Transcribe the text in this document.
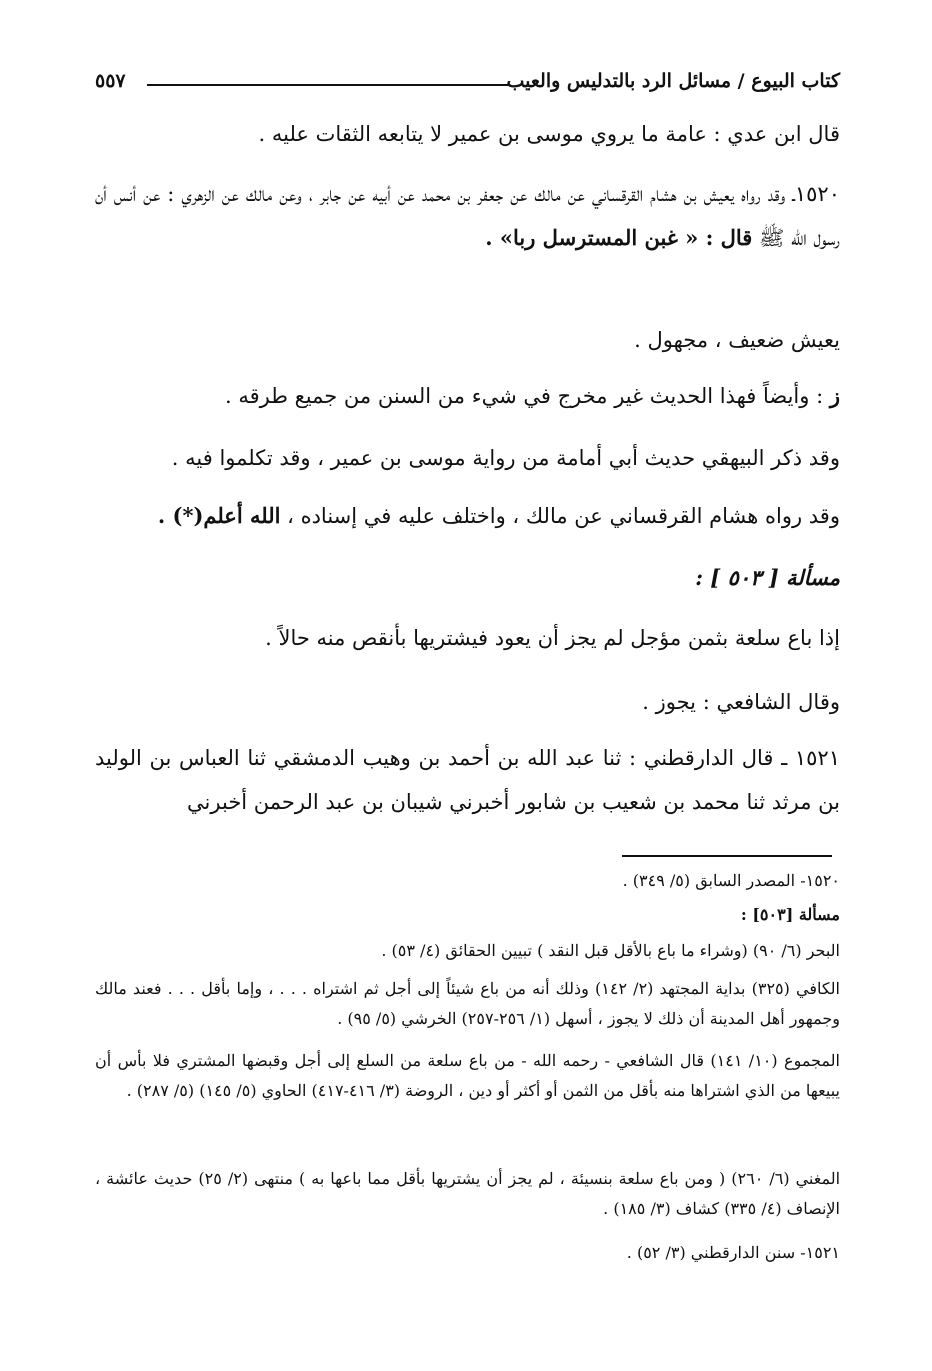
كتاب البيوع / مسائل الرد بالتدليس والعيب
٥٥٧
قال ابن عدي : عامة ما يروي موسى بن عمير لا يتابعه الثقات عليه .
١٥٢٠ـ وقد رواه يعيش بن هشام القرقساني عن مالك عن جعفر بن محمد عن أبيه عن جابر ، وعن مالك عن الزهري : عن أنس أن رسول الله ﷺ قال : « غبن المسترسل ربا» .
يعيش ضعيف ، مجهول .
ز : وأيضاً فهذا الحديث غير مخرج في شيء من السنن من جميع طرقه .
وقد ذكر البيهقي حديث أبي أمامة من رواية موسى بن عمير ، وقد تكلموا فيه .
وقد رواه هشام القرقساني عن مالك ، واختلف عليه في إسناده ، الله أعلم(*) .
مسألة [ ٥٠٣ ] :
إذا باع سلعة بثمن مؤجل لم يجز أن يعود فيشتريها بأنقص منه حالاً .
وقال الشافعي : يجوز .
١٥٢١ ـ قال الدارقطني : ثنا عبد الله بن أحمد بن وهيب الدمشقي ثنا العباس بن الوليد بن مرثد ثنا محمد بن شعيب بن شابور أخبرني شيبان بن عبد الرحمن أخبرني
١٥٢٠- المصدر السابق (٥/ ٣٤٩) .
مسألة [٥٠٣] :
البحر (٦/ ٩٠) (وشراء ما باع بالأقل قبل النقد ) تبيين الحقائق (٤/ ٥٣) .
الكافي (٣٢٥) بداية المجتهد (٢/ ١٤٢) وذلك أنه من باع شيئاً إلى أجل ثم اشتراه . . . ، وإما بأقل . . . فعند مالك وجمهور أهل المدينة أن ذلك لا يجوز ، أسهل (١/ ٢٥٦-٢٥٧) الخرشي (٥/ ٩٥) .
المجموع (١٠/ ١٤١) قال الشافعي - رحمه الله - من باع سلعة من السلع إلى أجل وقبضها المشتري فلا بأس أن يبيعها من الذي اشتراها منه بأقل من الثمن أو أكثر أو دين ، الروضة (٣/ ٤١٦-٤١٧) الحاوي (٥/ ١٤٥) (٥/ ٢٨٧) .
المغني (٦/ ٢٦٠) ( ومن باع سلعة بنسيئة ، لم يجز أن يشتريها بأقل مما باعها به ) منتهى (٢/ ٢٥) حديث عائشة ، الإنصاف (٤/ ٣٣٥) كشاف (٣/ ١٨٥) .
١٥٢١- سنن الدارقطني (٣/ ٥٢) .
